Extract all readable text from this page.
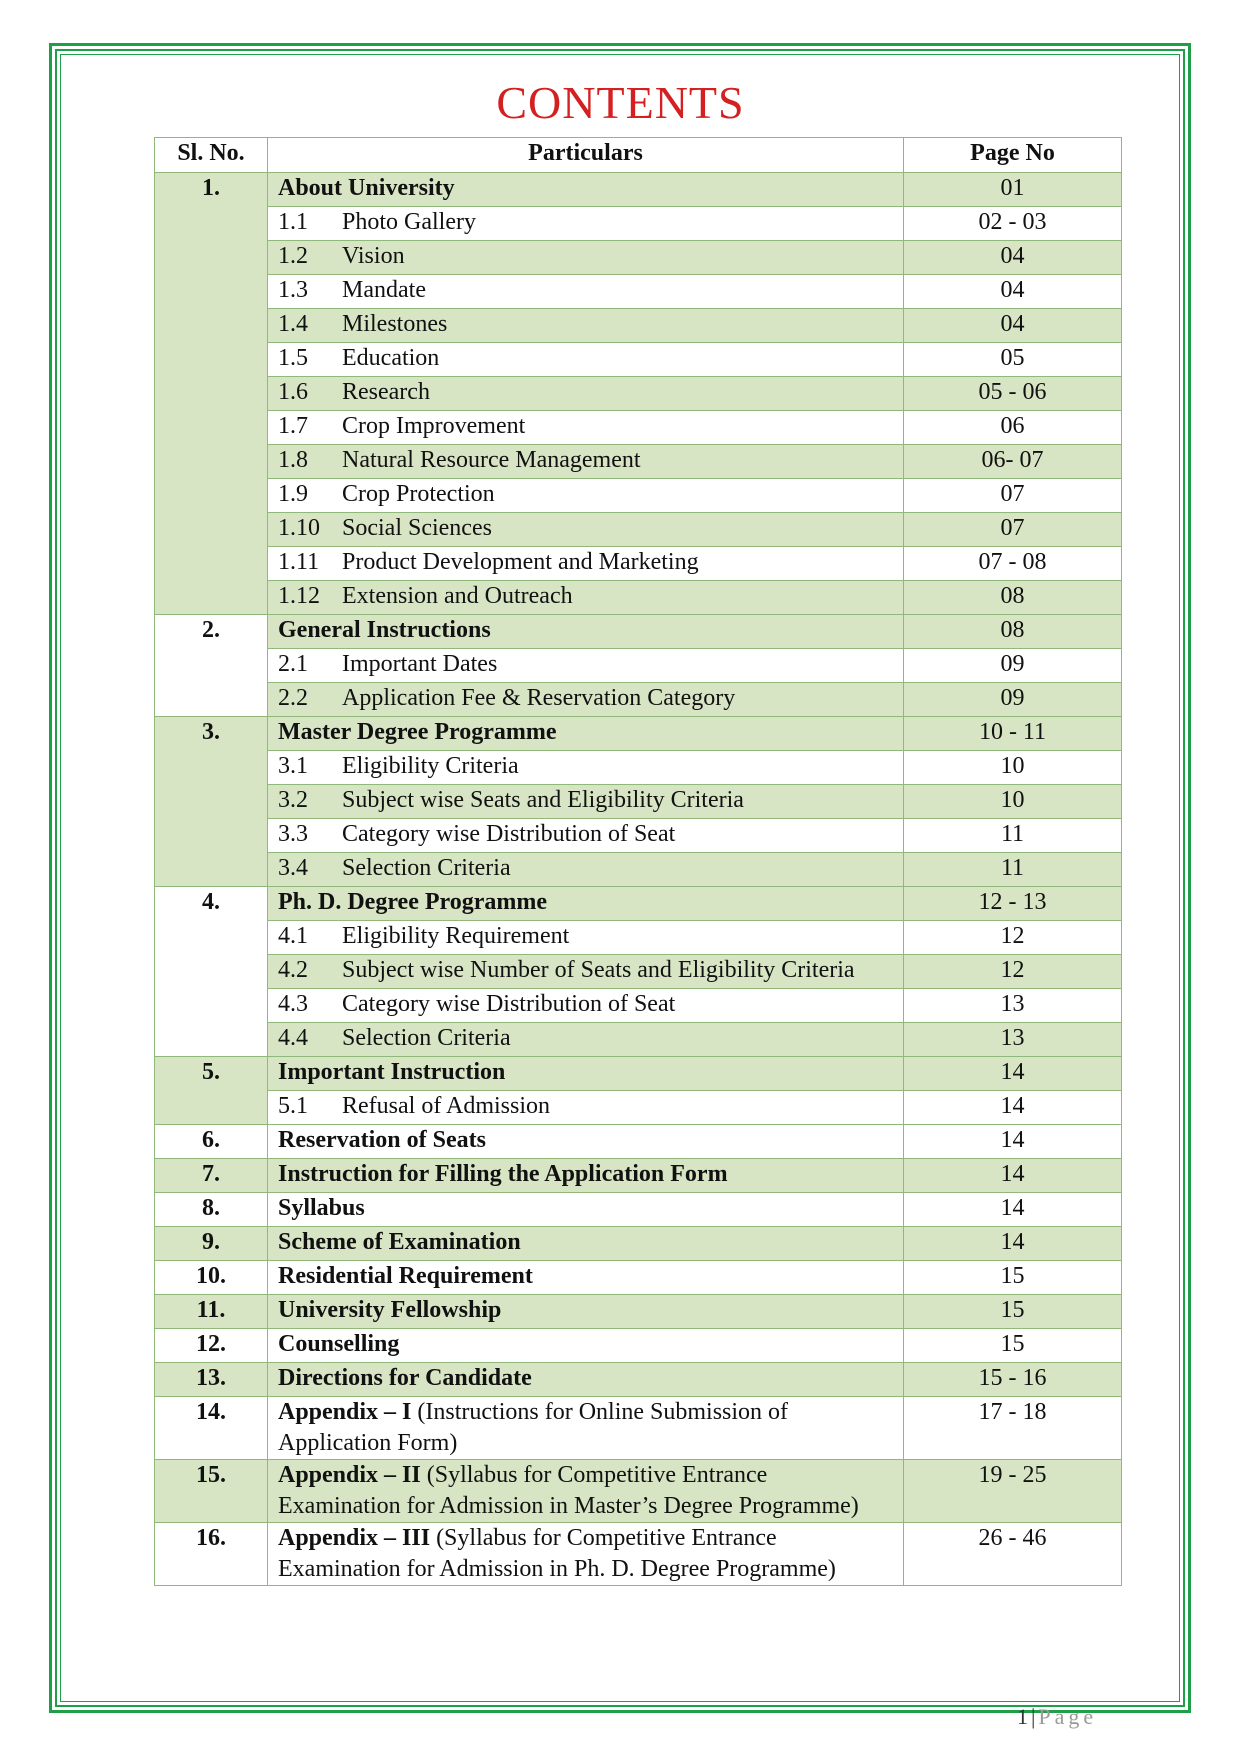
CONTENTS
Sl. No.	Particulars	Page No
1.	About University	01
	1.1 Photo Gallery	02 - 03
	1.2 Vision	04
	1.3 Mandate	04
	1.4 Milestones	04
	1.5 Education	05
	1.6 Research	05 - 06
	1.7 Crop Improvement	06
	1.8 Natural Resource Management	06- 07
	1.9 Crop Protection	07
	1.10 Social Sciences	07
	1.11 Product Development and Marketing	07 - 08
	1.12 Extension and Outreach	08
2.	General Instructions	08
	2.1 Important Dates	09
	2.2 Application Fee & Reservation Category	09
3.	Master Degree Programme	10 - 11
	3.1 Eligibility Criteria	10
	3.2 Subject wise Seats and Eligibility Criteria	10
	3.3 Category wise Distribution of Seat	11
	3.4 Selection Criteria	11
4.	Ph. D. Degree Programme	12 - 13
	4.1 Eligibility Requirement	12
	4.2 Subject wise Number of Seats and Eligibility Criteria	12
	4.3 Category wise Distribution of Seat	13
	4.4 Selection Criteria	13
5.	Important Instruction	14
	5.1 Refusal of Admission	14
6.	Reservation of Seats	14
7.	Instruction for Filling the Application Form	14
8.	Syllabus	14
9.	Scheme of Examination	14
10.	Residential Requirement	15
11.	University Fellowship	15
12.	Counselling	15
13.	Directions for Candidate	15 - 16
14.	Appendix – I (Instructions for Online Submission of Application Form)	17 - 18
15.	Appendix – II (Syllabus for Competitive Entrance Examination for Admission in Master’s Degree Programme)	19 - 25
16.	Appendix – III (Syllabus for Competitive Entrance Examination for Admission in Ph. D. Degree Programme)	26 - 46
1 | Page
